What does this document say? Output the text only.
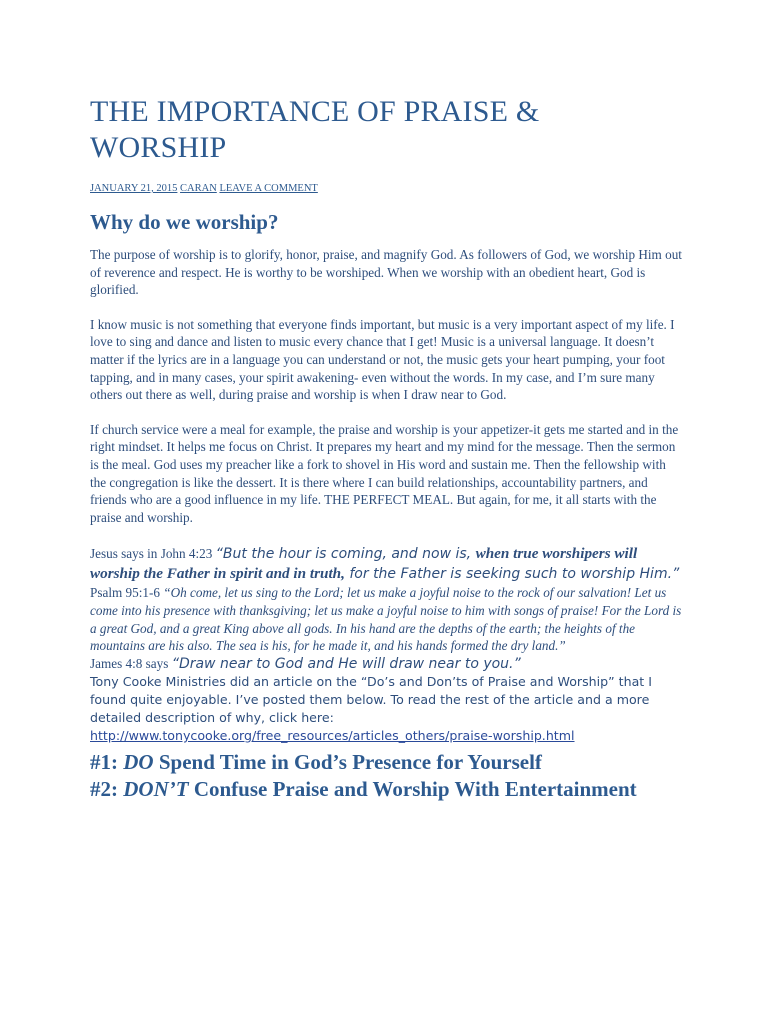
THE IMPORTANCE OF PRAISE & WORSHIP
JANUARY 21, 2015 CARAN LEAVE A COMMENT
Why do we worship?

The purpose of worship is to glorify, honor, praise, and magnify God. As followers of God, we worship Him out of reverence and respect. He is worthy to be worshiped. When we worship with an obedient heart, God is glorified.

I know music is not something that everyone finds important, but music is a very important aspect of my life. I love to sing and dance and listen to music every chance that I get! Music is a universal language. It doesn’t matter if the lyrics are in a language you can understand or not, the music gets your heart pumping, your foot tapping, and in many cases, your spirit awakening- even without the words. In my case, and I’m sure many others out there as well, during praise and worship is when I draw near to God.

If church service were a meal for example, the praise and worship is your appetizer-it gets me started and in the right mindset. It helps me focus on Christ. It prepares my heart and my mind for the message. Then the sermon is the meal. God uses my preacher like a fork to shovel in His word and sustain me. Then the fellowship with the congregation is like the dessert. It is there where I can build relationships, accountability partners, and friends who are a good influence in my life. THE PERFECT MEAL. But again, for me, it all starts with the praise and worship.

Jesus says in John 4:23 “But the hour is coming, and now is, when true worshipers will worship the Father in spirit and in truth, for the Father is seeking such to worship Him.”
Psalm 95:1-6 “Oh come, let us sing to the Lord; let us make a joyful noise to the rock of our salvation! Let us come into his presence with thanksgiving; let us make a joyful noise to him with songs of praise! For the Lord is a great God, and a great King above all gods. In his hand are the depths of the earth; the heights of the mountains are his also. The sea is his, for he made it, and his hands formed the dry land.”
James 4:8 says “Draw near to God and He will draw near to you.”
Tony Cooke Ministries did an article on the “Do’s and Don’ts of Praise and Worship” that I found quite enjoyable. I’ve posted them below. To read the rest of the article and a more detailed description of why, click here: http://www.tonycooke.org/free_resources/articles_others/praise-worship.html
#1: DO Spend Time in God’s Presence for Yourself
#2: DON’T Confuse Praise and Worship With Entertainment
